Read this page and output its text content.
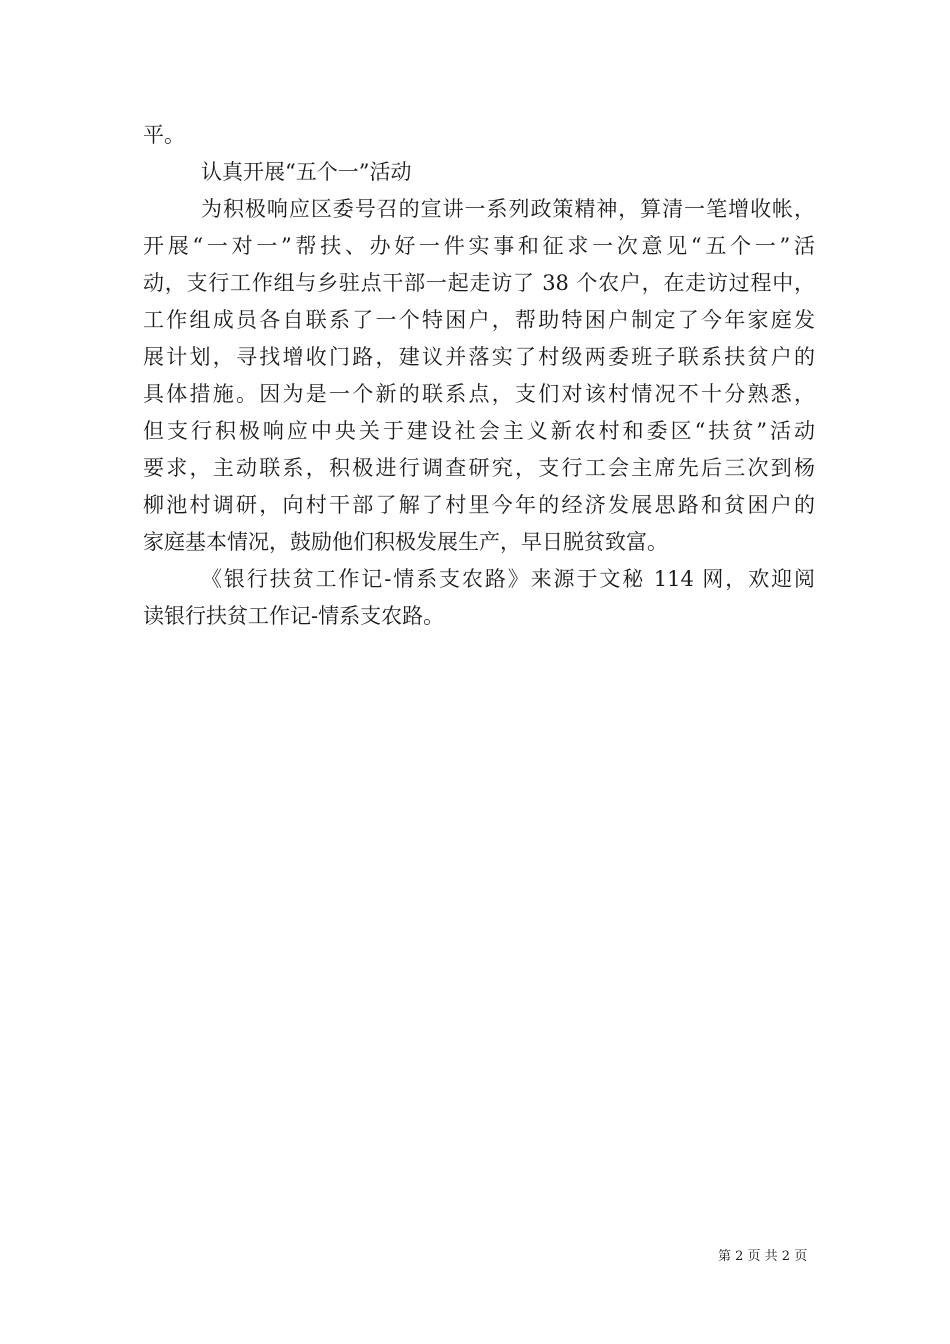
平。
认真开展“五个一”活动
为积极响应区委号召的宣讲一系列政策精神，算清一笔增收帐，
开展“一对一”帮扶、办好一件实事和征求一次意见“五个一”活
动，支行工作组与乡驻点干部一起走访了 38 个农户，在走访过程中，
工作组成员各自联系了一个特困户，帮助特困户制定了今年家庭发
展计划，寻找增收门路，建议并落实了村级两委班子联系扶贫户的
具体措施。因为是一个新的联系点，支们对该村情况不十分熟悉，
但支行积极响应中央关于建设社会主义新农村和委区“扶贫”活动
要求，主动联系，积极进行调查研究，支行工会主席先后三次到杨
柳池村调研，向村干部了解了村里今年的经济发展思路和贫困户的
家庭基本情况，鼓励他们积极发展生产，早日脱贫致富。
《银行扶贫工作记-情系支农路》来源于文秘 114 网，欢迎阅
读银行扶贫工作记-情系支农路。
第 2 页 共 2 页
